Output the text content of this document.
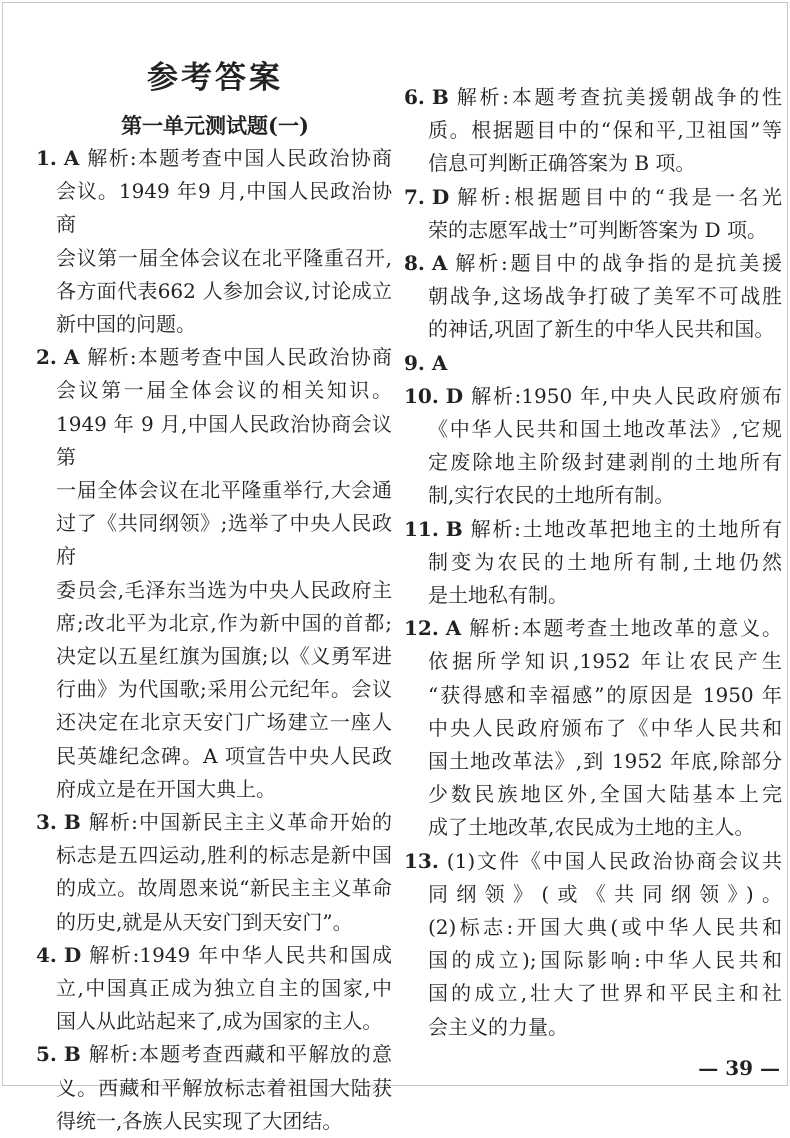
参考答案
第一单元测试题(一)
1. A 解析:本题考查中国人民政治协商
会议。1949 年9 月,中国人民政治协商
会议第一届全体会议在北平隆重召开,
各方面代表662 人参加会议,讨论成立
新中国的问题。
2. A 解析:本题考查中国人民政治协商
会议第一届全体会议的相关知识。
1949 年 9 月,中国人民政治协商会议第
一届全体会议在北平隆重举行,大会通
过了《共同纲领》;选举了中央人民政府
委员会,毛泽东当选为中央人民政府主
席;改北平为北京,作为新中国的首都;
决定以五星红旗为国旗;以《义勇军进
行曲》为代国歌;采用公元纪年。会议
还决定在北京天安门广场建立一座人
民英雄纪念碑。A 项宣告中央人民政
府成立是在开国大典上。
3. B 解析:中国新民主主义革命开始的
标志是五四运动,胜利的标志是新中国
的成立。故周恩来说“新民主主义革命
的历史,就是从天安门到天安门”。
4. D 解析:1949 年中华人民共和国成
立,中国真正成为独立自主的国家,中
国人从此站起来了,成为国家的主人。
5. B 解析:本题考查西藏和平解放的意
义。西藏和平解放标志着祖国大陆获
得统一,各族人民实现了大团结。
6. B 解析:本题考查抗美援朝战争的性
质。根据题目中的“保和平,卫祖国”等
信息可判断正确答案为 B 项。
7. D 解析:根据题目中的“我是一名光
荣的志愿军战士”可判断答案为 D 项。
8. A 解析:题目中的战争指的是抗美援
朝战争,这场战争打破了美军不可战胜
的神话,巩固了新生的中华人民共和国。
9. A
10. D 解析:1950 年,中央人民政府颁布
《中华人民共和国土地改革法》,它规
定废除地主阶级封建剥削的土地所有
制,实行农民的土地所有制。
11. B 解析:土地改革把地主的土地所有
制变为农民的土地所有制,土地仍然
是土地私有制。
12. A 解析:本题考查土地改革的意义。
依据所学知识,1952 年让农民产生
“获得感和幸福感”的原因是 1950 年
中央人民政府颁布了《中华人民共和
国土地改革法》,到 1952 年底,除部分
少数民族地区外,全国大陆基本上完
成了土地改革,农民成为土地的主人。
13. (1)文件《中国人民政治协商会议共
同纲领》(或《共同纲领》)。
(2)标志:开国大典(或中华人民共和
国的成立);国际影响:中华人民共和
国的成立,壮大了世界和平民主和社
会主义的力量。
— 39 —
